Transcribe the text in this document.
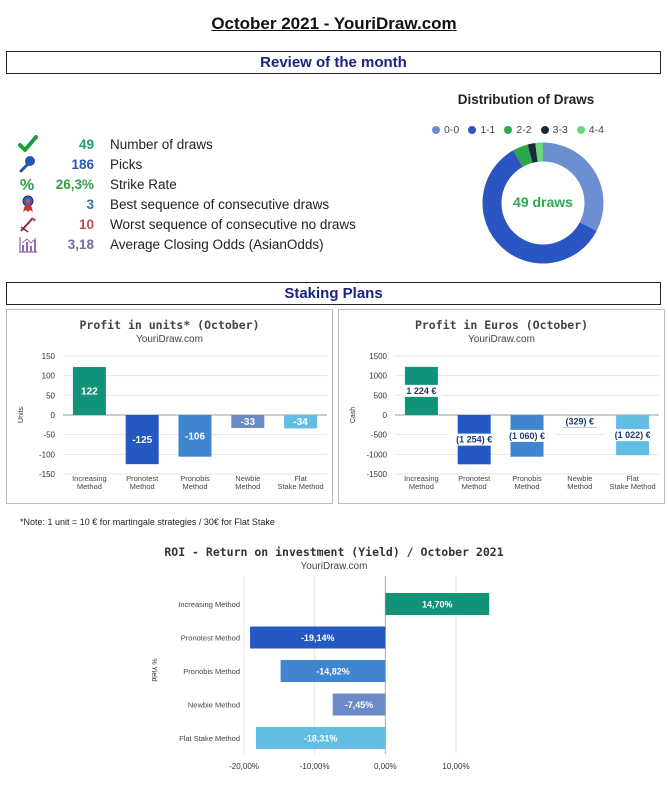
October 2021 - YouriDraw.com
Review of the month
49	Number of draws
186	Picks
%	26,3%	Strike Rate
3	Best sequence of consecutive draws
10	Worst sequence of consecutive no draws
3,18	Average Closing Odds (AsianOdds)
Distribution of Draws
0-0 1-1 2-2 3-3 4-4
49 draws
Staking Plans
Profit in units* (October)
YouriDraw.com
150
100
50
0
-50
-100
-150
Units
122
Increasing
Method
-125
Pronotest
Method
-106
Pronobis
Method
-33
Newbie
Method
-34
Flat
Stake Method
Profit in Euros (October)
YouriDraw.com
1500
1000
500
0
-500
-1000
-1500
Cash
1 224 €
Increasing
Method
(1 254) €
Pronotest
Method
(1 060) €
Pronobis
Method
(329) €
Newbie
Method
(1 022) €
Flat
Stake Method
*Note: 1 unit = 10 € for martingale strategies / 30€ for Flat Stake
ROI - Return on investment (Yield) / October 2021
YouriDraw.com
-20,00%	-10,00%	0,00%	10,00%
% Yield
14,70%
Increasing Method
-19,14%
Pronotest Method
-14,82%
Pronobis Method
-7,45%
Newbie Method
-18,31%
Flat Stake Method
